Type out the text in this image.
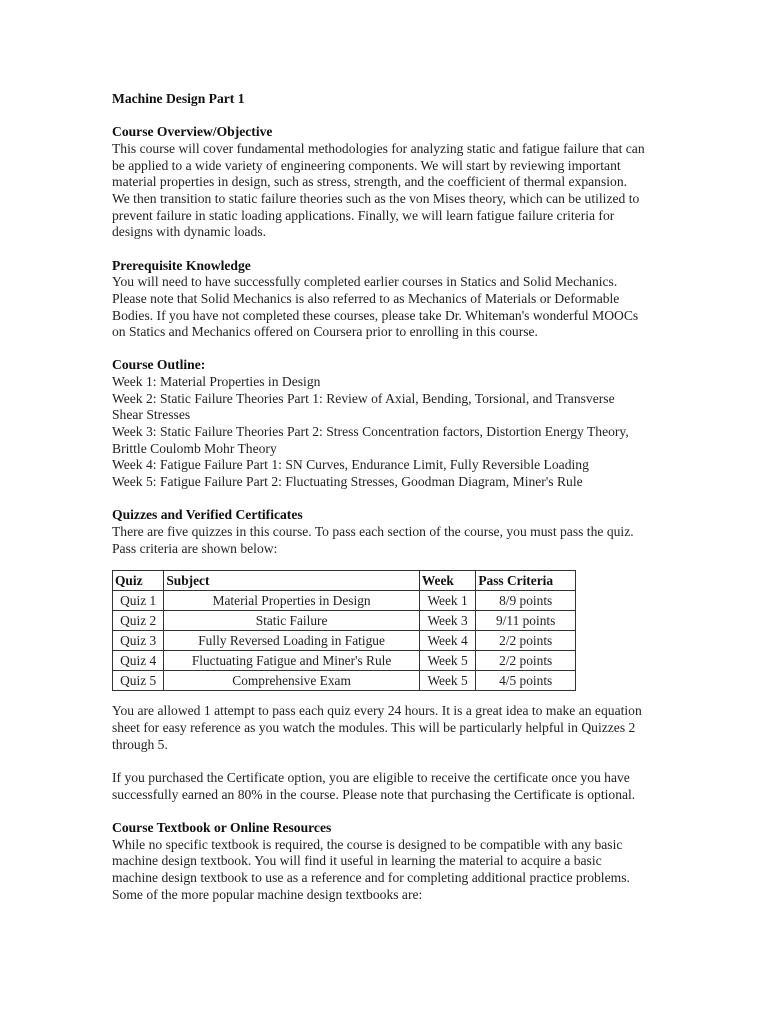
Machine Design Part 1
Course Overview/Objective
This course will cover fundamental methodologies for analyzing static and fatigue failure that can
be applied to a wide variety of engineering components. We will start by reviewing important
material properties in design, such as stress, strength, and the coefficient of thermal expansion.
We then transition to static failure theories such as the von Mises theory, which can be utilized to
prevent failure in static loading applications. Finally, we will learn fatigue failure criteria for
designs with dynamic loads.
Prerequisite Knowledge
You will need to have successfully completed earlier courses in Statics and Solid Mechanics.
Please note that Solid Mechanics is also referred to as Mechanics of Materials or Deformable
Bodies. If you have not completed these courses, please take Dr. Whiteman's wonderful MOOCs
on Statics and Mechanics offered on Coursera prior to enrolling in this course.
Course Outline:
Week 1: Material Properties in Design
Week 2: Static Failure Theories Part 1: Review of Axial, Bending, Torsional, and Transverse
Shear Stresses
Week 3: Static Failure Theories Part 2: Stress Concentration factors, Distortion Energy Theory,
Brittle Coulomb Mohr Theory
Week 4: Fatigue Failure Part 1: SN Curves, Endurance Limit, Fully Reversible Loading
Week 5: Fatigue Failure Part 2: Fluctuating Stresses, Goodman Diagram, Miner's Rule
Quizzes and Verified Certificates
There are five quizzes in this course. To pass each section of the course, you must pass the quiz.
Pass criteria are shown below:
Quiz	Subject	Week	Pass Criteria
Quiz 1	Material Properties in Design	Week 1	8/9 points
Quiz 2	Static Failure	Week 3	9/11 points
Quiz 3	Fully Reversed Loading in Fatigue	Week 4	2/2 points
Quiz 4	Fluctuating Fatigue and Miner's Rule	Week 5	2/2 points
Quiz 5	Comprehensive Exam	Week 5	4/5 points
You are allowed 1 attempt to pass each quiz every 24 hours. It is a great idea to make an equation
sheet for easy reference as you watch the modules. This will be particularly helpful in Quizzes 2
through 5.
If you purchased the Certificate option, you are eligible to receive the certificate once you have
successfully earned an 80% in the course. Please note that purchasing the Certificate is optional.
Course Textbook or Online Resources
While no specific textbook is required, the course is designed to be compatible with any basic
machine design textbook. You will find it useful in learning the material to acquire a basic
machine design textbook to use as a reference and for completing additional practice problems.
Some of the more popular machine design textbooks are:
